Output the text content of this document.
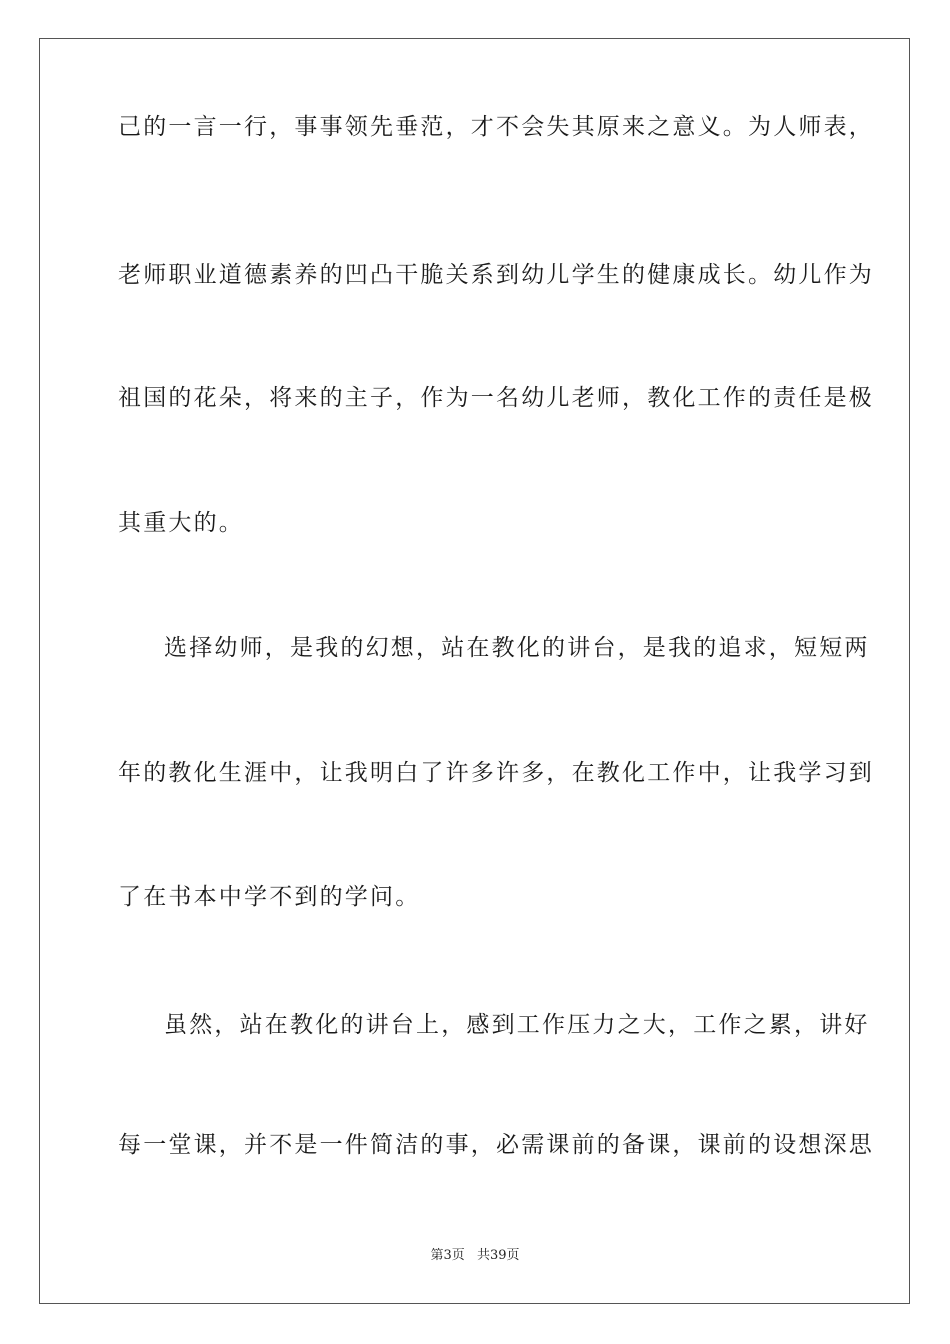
己的一言一行，事事领先垂范，才不会失其原来之意义。为人师表，
老师职业道德素养的凹凸干脆关系到幼儿学生的健康成长。幼儿作为
祖国的花朵，将来的主子，作为一名幼儿老师，教化工作的责任是极
其重大的。
选择幼师，是我的幻想，站在教化的讲台，是我的追求，短短两
年的教化生涯中，让我明白了许多许多，在教化工作中，让我学习到
了在书本中学不到的学问。
虽然，站在教化的讲台上，感到工作压力之大，工作之累，讲好
每一堂课，并不是一件简洁的事，必需课前的备课，课前的设想深思
第3页 共39页
